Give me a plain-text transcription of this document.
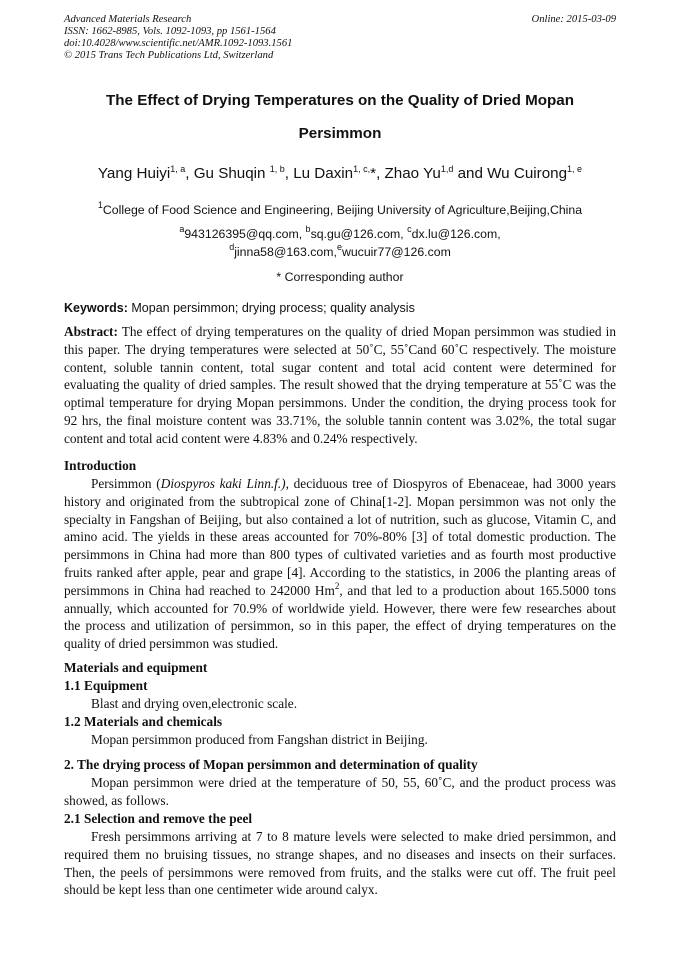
Advanced Materials Research
ISSN: 1662-8985, Vols. 1092-1093, pp 1561-1564
doi:10.4028/www.scientific.net/AMR.1092-1093.1561
© 2015 Trans Tech Publications Ltd, Switzerland
Online: 2015-03-09
The Effect of Drying Temperatures on the Quality of Dried Mopan
Persimmon
Yang Huiyi$^{1, a}$, Gu Shuqin $^{1, b}$, Lu Daxin$^{1, c,}$*, Zhao Yu$^{1,d}$ and Wu Cuirong$^{1, e}$
$^1$College of Food Science and Engineering, Beijing University of Agriculture,Beijing,China
$^a$943126395@qq.com, $^b$sq.gu@126.com, $^c$dx.lu@126.com,
$^d$jinna58@163.com,$^e$wucuir77@126.com
* Corresponding author
Keywords: Mopan persimmon; drying process; quality analysis
Abstract: The effect of drying temperatures on the quality of dried Mopan persimmon was studied in this paper. The drying temperatures were selected at 50˚C, 55˚Cand 60˚C respectively. The moisture content, soluble tannin content, total sugar content and total acid content were determined for evaluating the quality of dried samples. The result showed that the drying temperature at 55˚C was the optimal temperature for drying Mopan persimmons. Under the condition, the drying process took for 92 hrs, the final moisture content was 33.71%, the soluble tannin content was 3.02%, the total sugar content and total acid content were 4.83% and 0.24% respectively.
Introduction
Persimmon (Diospyros kaki Linn.f.), deciduous tree of Diospyros of Ebenaceae, had 3000 years history and originated from the subtropical zone of China[1-2]. Mopan persimmon was not only the specialty in Fangshan of Beijing, but also contained a lot of nutrition, such as glucose, Vitamin C, and amino acid. The yields in these areas accounted for 70%-80% [3] of total domestic production. The persimmons in China had more than 800 types of cultivated varieties and as fourth most productive fruits ranked after apple, pear and grape [4]. According to the statistics, in 2006 the planting areas of persimmons in China had reached to 242000 Hm$^2$, and that led to a production about 165.5000 tons annually, which accounted for 70.9% of worldwide yield. However, there were few researches about the process and utilization of persimmon, so in this paper, the effect of drying temperatures on the quality of dried persimmon was studied.
Materials and equipment
1.1 Equipment
Blast and drying oven,electronic scale.
1.2 Materials and chemicals
Mopan persimmon produced from Fangshan district in Beijing.
2. The drying process of Mopan persimmon and determination of quality
Mopan persimmon were dried at the temperature of 50, 55, 60˚C, and the product process was showed, as follows.
2.1 Selection and remove the peel
Fresh persimmons arriving at 7 to 8 mature levels were selected to make dried persimmon, and required them no bruising tissues, no strange shapes, and no diseases and insects on their surfaces. Then, the peels of persimmons were removed from fruits, and the stalks were cut off. The fruit peel should be kept less than one centimeter wide around calyx.
